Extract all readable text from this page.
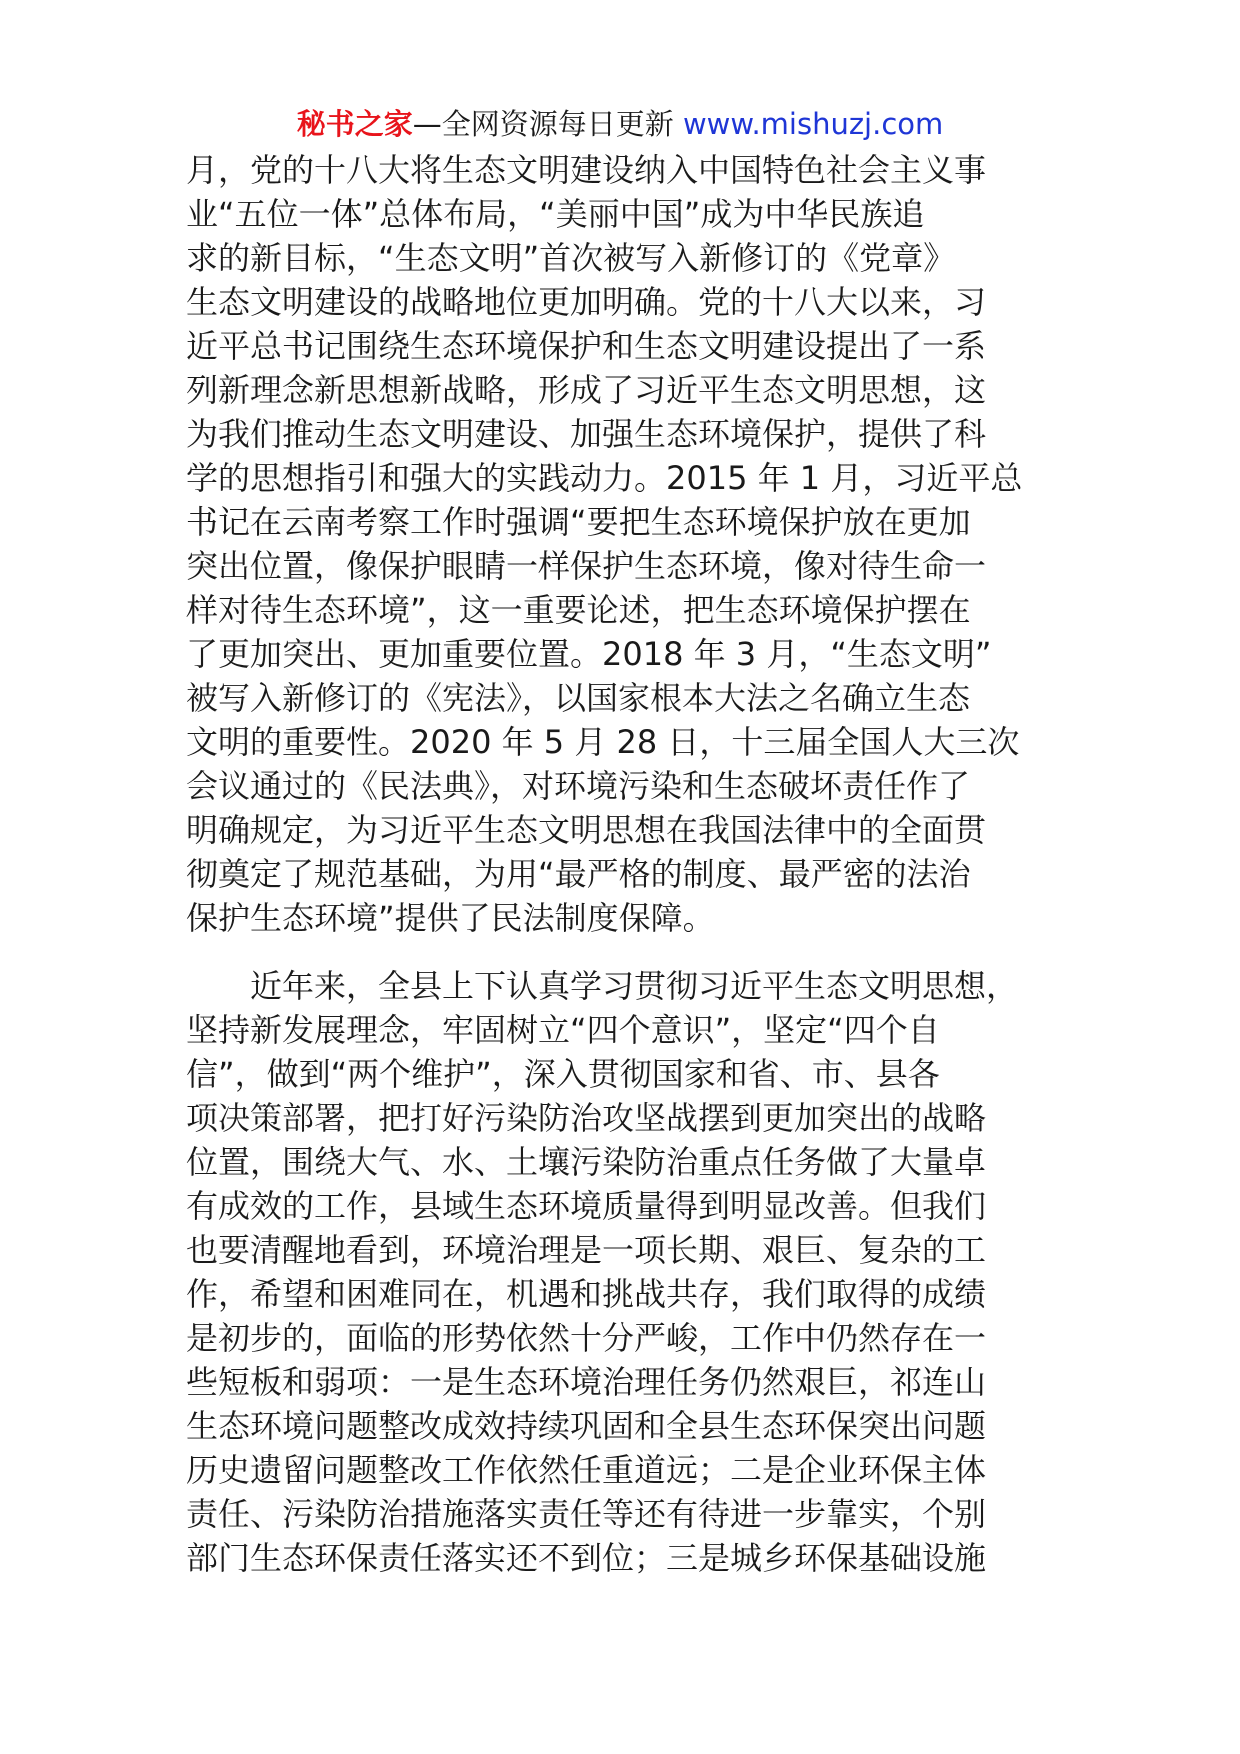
秘书之家—全网资源每日更新 www.mishuzj.com
月，党的十八大将生态文明建设纳入中国特色社会主义事
业“五位一体”总体布局，“美丽中国”成为中华民族追
求的新目标，“生态文明”首次被写入新修订的《党章》
生态文明建设的战略地位更加明确。党的十八大以来，习
近平总书记围绕生态环境保护和生态文明建设提出了一系
列新理念新思想新战略，形成了习近平生态文明思想，这
为我们推动生态文明建设、加强生态环境保护，提供了科
学的思想指引和强大的实践动力。2015 年 1 月，习近平总
书记在云南考察工作时强调“要把生态环境保护放在更加
突出位置，像保护眼睛一样保护生态环境，像对待生命一
样对待生态环境”，这一重要论述，把生态环境保护摆在
了更加突出、更加重要位置。2018 年 3 月，“生态文明”
被写入新修订的《宪法》，以国家根本大法之名确立生态
文明的重要性。2020 年 5 月 28 日，十三届全国人大三次
会议通过的《民法典》，对环境污染和生态破坏责任作了
明确规定，为习近平生态文明思想在我国法律中的全面贯
彻奠定了规范基础，为用“最严格的制度、最严密的法治
保护生态环境”提供了民法制度保障。
　　近年来，全县上下认真学习贯彻习近平生态文明思想，
坚持新发展理念，牢固树立“四个意识”，坚定“四个自
信”，做到“两个维护”，深入贯彻国家和省、市、县各
项决策部署，把打好污染防治攻坚战摆到更加突出的战略
位置，围绕大气、水、土壤污染防治重点任务做了大量卓
有成效的工作，县域生态环境质量得到明显改善。但我们
也要清醒地看到，环境治理是一项长期、艰巨、复杂的工
作，希望和困难同在，机遇和挑战共存，我们取得的成绩
是初步的，面临的形势依然十分严峻，工作中仍然存在一
些短板和弱项：一是生态环境治理任务仍然艰巨，祁连山
生态环境问题整改成效持续巩固和全县生态环保突出问题
历史遗留问题整改工作依然任重道远；二是企业环保主体
责任、污染防治措施落实责任等还有待进一步靠实，个别
部门生态环保责任落实还不到位；三是城乡环保基础设施
